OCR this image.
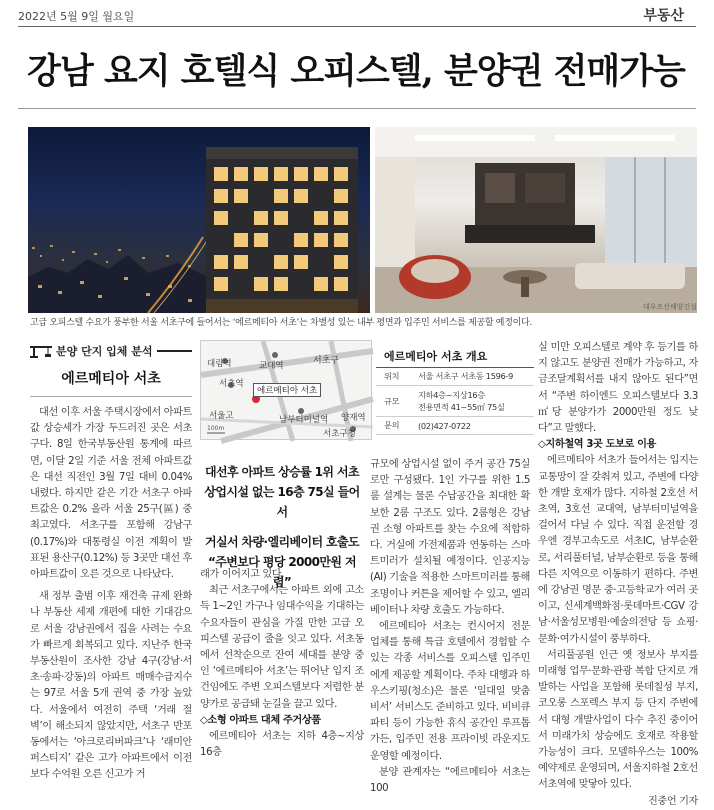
2022년 5월 9일 월요일	부동산
강남 요지 호텔식 오피스텔, 분양권 전매가능
대우조선해양건설

고급 오피스텔 수요가 풍부한 서울 서초구에 들어서는 ‘에르메티아 서초’는 차별성 있는 내부 평면과 입주민 서비스를 제공할 예정이다.

분양 단지 입체 분석
에르메티아 서초

대선 이후 서울 주택시장에서 아파트값 상승세가 가장 두드러진 곳은 서초구다. 8일 한국부동산원 통계에 따르면, 이달 2일 기준 서울 전체 아파트값은 대선 직전인 3월 7일 대비 0.04% 내렸다. 하지만 같은 기간 서초구 아파트값은 0.2% 올라 서울 25구(區) 중 최고였다. 서초구를 포함해 강남구(0.17%)와 대통령실 이전 계획이 발표된 용산구(0.12%) 등 3곳만 대선 후 아파트값이 오른 것으로 나타났다.

새 정부 출범 이후 재건축 규제 완화나 부동산 세제 개편에 대한 기대감으로 서울 강남권에서 집을 사려는 수요가 빠르게 회복되고 있다. 지난주 한국부동산원이 조사한 강남 4구(강남·서초·송파·강동)의 아파트 매매수급지수는 97로 서울 5개 권역 중 가장 높았다. 서울에서 여전히 주택 ‘거래 절벽’이 해소되지 않았지만, 서초구 반포동에서는 ‘아크로리버파크’나 ‘래미안퍼스티지’ 같은 고가 아파트에서 이전보다 수억원 오른 신고가 거

대림역	교대역	서초구
서초역
에르메티아 서초
서울고	남부터미널역 양재역
서초구청
100m
에르메티아 서초 개요
위치	서울 서초구 서초동 1596-9
규모	지하4층~지상16층
전용면적 41~55㎡ 75실
문의	(02)427-0722
대선후 아파트 상승률 1위 서초
상업시설 없는 16층 75실 들어서
거실서 차량·엘리베이터 호출도
“주변보다 평당 2000만원 저렴”

래가 이어지고 있다.

최근 서초구에서는 아파트 외에 고소득 1~2인 가구나 임대수익을 기대하는 수요자들이 관심을 가질 만한 고급 오피스텔 공급이 줄을 잇고 있다. 서초동에서 선착순으로 잔여 세대를 분양 중인 ‘에르메티아 서초’는 뛰어난 입지 조건임에도 주변 오피스텔보다 저렴한 분양가로 공급돼 눈길을 끌고 있다.

◇소형 아파트 대체 주거상품

에르메티아 서초는 지하 4층~지상 16층

규모에 상업시설 없이 주거 공간 75실로만 구성됐다. 1인 가구를 위한 1.5룸 설계는 물론 수납공간을 최대한 확보한 2룸 구조도 있다. 2룸형은 강남권 소형 아파트를 찾는 수요에 적합하다. 거실에 가전제품과 연동하는 스마트미러가 설치될 예정이다. 인공지능(AI) 기술을 적용한 스마트미러를 통해 조명이나 커튼을 제어할 수 있고, 엘리베이터나 차량 호출도 가능하다.

에르메티아 서초는 컨시어지 전문 업체를 통해 특급 호텔에서 경험할 수 있는 각종 서비스를 오피스텔 입주민에게 제공할 계획이다. 주차 대행과 하우스키핑(청소)은 물론 ‘일대일 맞춤 비서’ 서비스도 준비하고 있다. 비비큐 파티 등이 가능한 휴식 공간인 루프톱 가든, 입주민 전용 프라이빗 라운지도 운영할 예정이다.

분양 관계자는 “에르메티아 서초는 100

실 미만 오피스텔로 계약 후 등기를 하지 않고도 분양권 전매가 가능하고, 자금조달계획서를 내지 않아도 된다”면서 “주변 하이엔드 오피스텔보다 3.3㎡당 분양가가 2000만원 정도 낮다”고 말했다.

◇지하철역 3곳 도보로 이용

에르메티아 서초가 들어서는 입지는 교통망이 잘 갖춰져 있고, 주변에 다양한 개발 호재가 많다. 지하철 2호선 서초역, 3호선 교대역, 남부터미널역을 걸어서 다닐 수 있다. 직접 운전할 경우엔 경부고속도로 서초IC, 남부순환로, 서리풀터널, 남부순환로 등을 통해 다른 지역으로 이동하기 편하다. 주변에 강남권 명문 중·고등학교가 여러 곳이고, 신세계백화점·롯데마트·CGV 강남·서울성모병원·예술의전당 등 쇼핑·문화·여가시설이 풍부하다.

서리풀공원 인근 옛 정보사 부지를 미래형 업무·문화·관광 복합 단지로 개발하는 사업을 포함해 롯데칠성 부지, 코오롱 스포렉스 부지 등 단지 주변에서 대형 개발사업이 다수 추진 중이어서 미래가치 상승에도 호재로 작용할 가능성이 크다. 모델하우스는 100% 예약제로 운영되며, 서울지하철 2호선 서초역에 맞닿아 있다.

진중언 기자
